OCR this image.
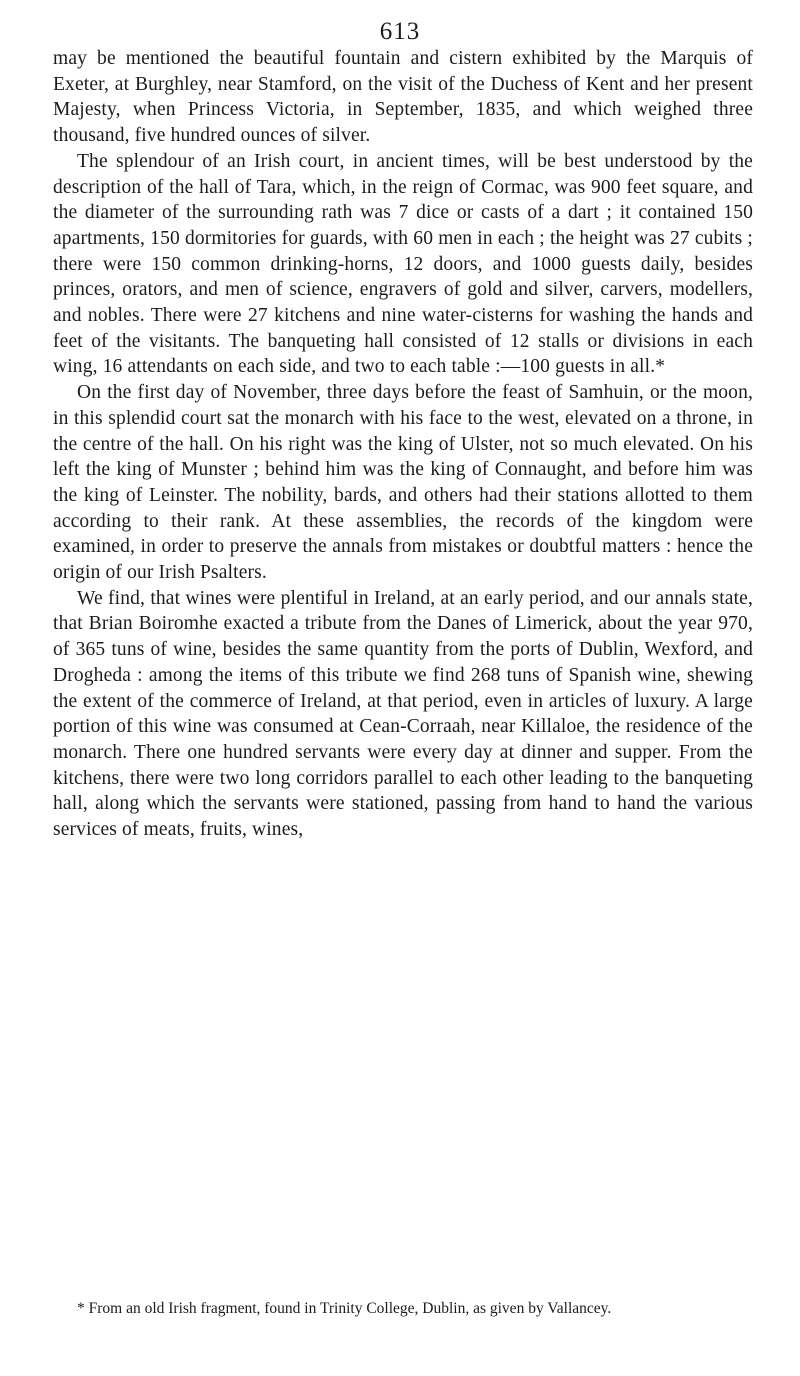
613

may be mentioned the beautiful fountain and cistern exhibited by the Marquis of Exeter, at Burghley, near Stamford, on the visit of the Duchess of Kent and her present Majesty, when Princess Victoria, in September, 1835, and which weighed three thousand, five hundred ounces of silver.

The splendour of an Irish court, in ancient times, will be best understood by the description of the hall of Tara, which, in the reign of Cormac, was 900 feet square, and the diameter of the surrounding rath was 7 dice or casts of a dart ; it contained 150 apartments, 150 dormitories for guards, with 60 men in each ; the height was 27 cubits ; there were 150 common drinking-horns, 12 doors, and 1000 guests daily, besides princes, orators, and men of science, engravers of gold and silver, carvers, modellers, and nobles. There were 27 kitchens and nine water-cisterns for washing the hands and feet of the visitants. The banqueting hall consisted of 12 stalls or divisions in each wing, 16 attendants on each side, and two to each table :—100 guests in all.*

On the first day of November, three days before the feast of Samhuin, or the moon, in this splendid court sat the monarch with his face to the west, elevated on a throne, in the centre of the hall. On his right was the king of Ulster, not so much elevated. On his left the king of Munster ; behind him was the king of Connaught, and before him was the king of Leinster. The nobility, bards, and others had their stations allotted to them according to their rank. At these assemblies, the records of the kingdom were examined, in order to preserve the annals from mistakes or doubtful matters : hence the origin of our Irish Psalters.

We find, that wines were plentiful in Ireland, at an early period, and our annals state, that Brian Boiromhe exacted a tribute from the Danes of Limerick, about the year 970, of 365 tuns of wine, besides the same quantity from the ports of Dublin, Wexford, and Drogheda : among the items of this tribute we find 268 tuns of Spanish wine, shewing the extent of the commerce of Ireland, at that period, even in articles of luxury. A large portion of this wine was consumed at Cean-Corraah, near Killaloe, the residence of the monarch. There one hundred servants were every day at dinner and supper. From the kitchens, there were two long corridors parallel to each other leading to the banqueting hall, along which the servants were stationed, passing from hand to hand the various services of meats, fruits, wines,

* From an old Irish fragment, found in Trinity College, Dublin, as given by Vallancey.
